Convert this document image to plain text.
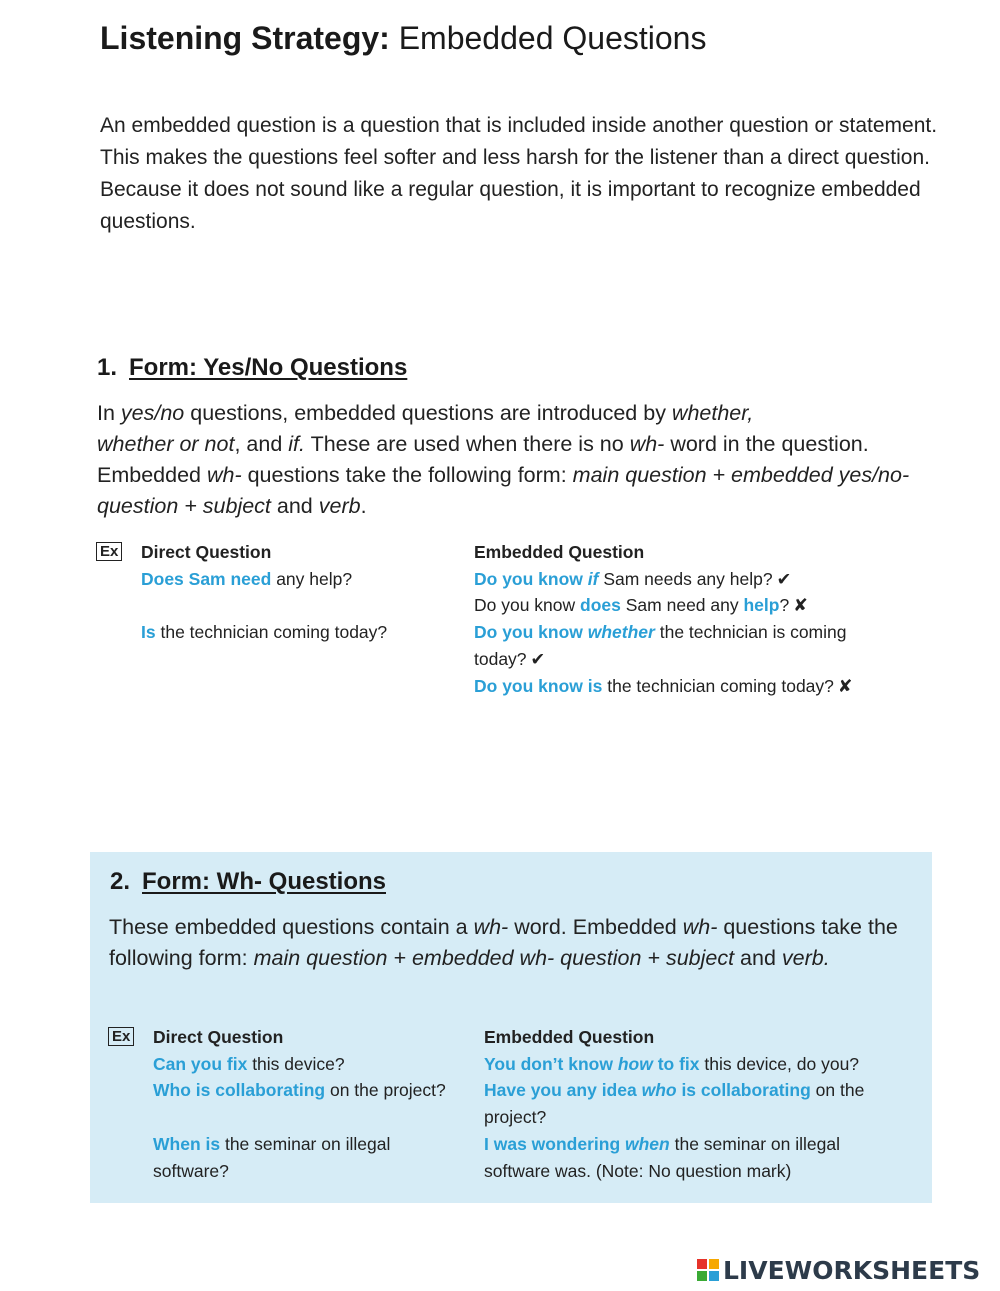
Listening Strategy: Embedded Questions

An embedded question is a question that is included inside another question or statement. This makes the questions feel softer and less harsh for the listener than a direct question. Because it does not sound like a regular question, it is important to recognize embedded questions.

1. Form: Yes/No Questions

In yes/no questions, embedded questions are introduced by whether,
whether or not, and if. These are used when there is no wh- word in the question. Embedded wh- questions take the following form: main question + embedded yes/no- question + subject and verb.

Ex Direct Question
Does Sam need any help?
Is the technician coming today?
Embedded Question
Do you know if Sam needs any help? ✔
Do you know does Sam need any help? ✘
Do you know whether the technician is coming
today? ✔
Do you know is the technician coming today? ✘
2. Form: Wh- Questions

These embedded questions contain a wh- word. Embedded wh- questions take the following form: main question + embedded wh- question + subject and verb.

Ex Direct Question
Can you fix this device?
Who is collaborating on the project?
When is the seminar on illegal
software?
Embedded Question
You don’t know how to fix this device, do you?
Have you any idea who is collaborating on the
project?
I was wondering when the seminar on illegal
software was. (Note: No question mark)
LIVEWORKSHEETS
